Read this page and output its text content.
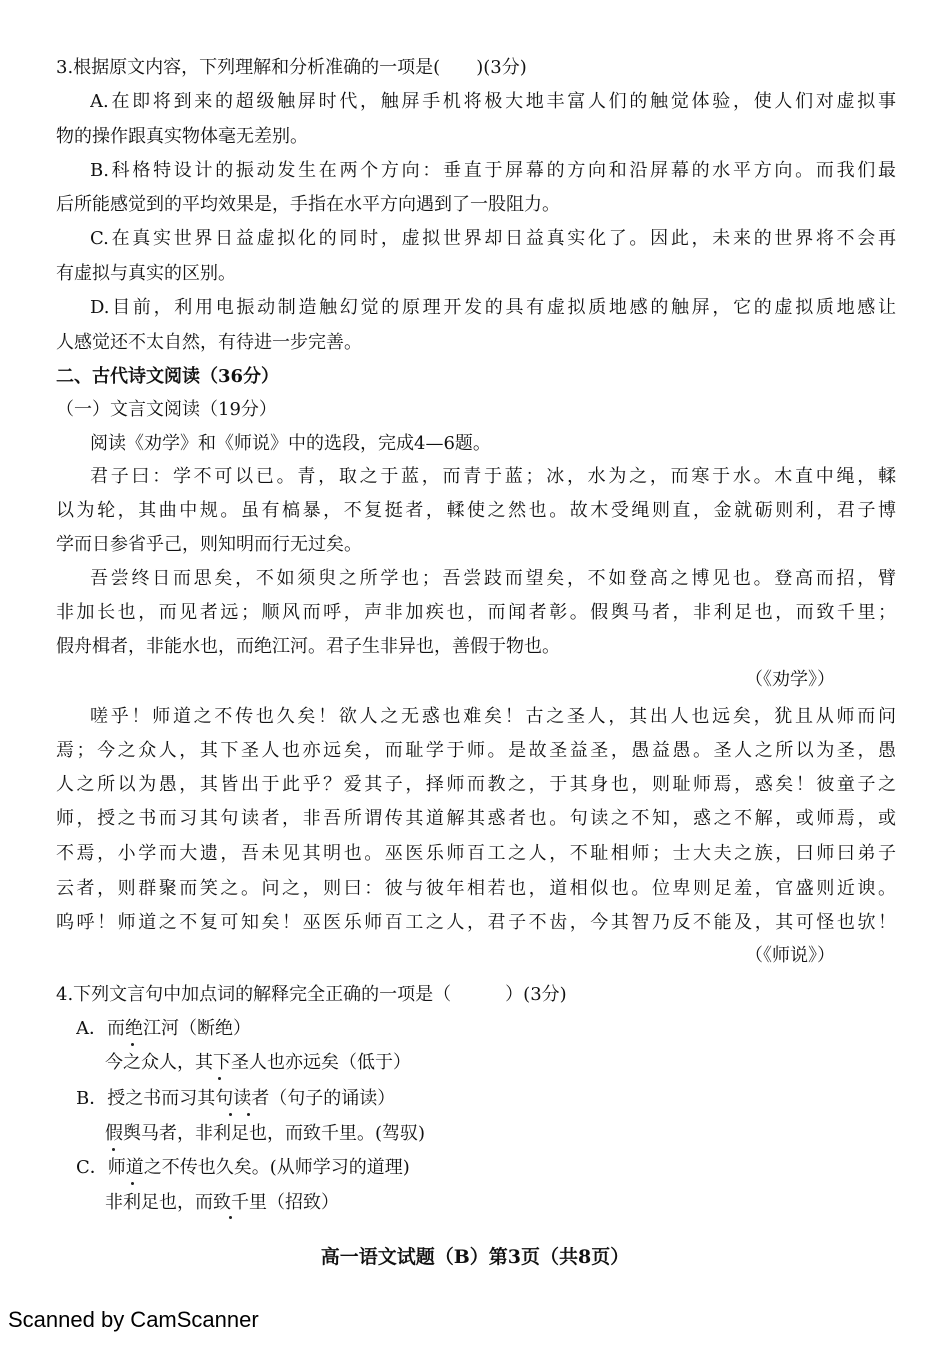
3.根据原文内容，下列理解和分析准确的一项是(　　)(3分)
A.在即将到来的超级触屏时代，触屏手机将极大地丰富人们的触觉体验，使人们对虚拟事
物的操作跟真实物体毫无差别。
B.科格特设计的振动发生在两个方向：垂直于屏幕的方向和沿屏幕的水平方向。而我们最
后所能感觉到的平均效果是，手指在水平方向遇到了一股阻力。
C.在真实世界日益虚拟化的同时，虚拟世界却日益真实化了。因此，未来的世界将不会再
有虚拟与真实的区别。
D.目前，利用电振动制造触幻觉的原理开发的具有虚拟质地感的触屏，它的虚拟质地感让
人感觉还不太自然，有待进一步完善。
二、古代诗文阅读（36分）
（一）文言文阅读（19分）
阅读《劝学》和《师说》中的选段，完成4—6题。
君子曰：学不可以已。青，取之于蓝，而青于蓝；冰，水为之，而寒于水。木直中绳，輮
以为轮，其曲中规。虽有槁暴，不复挺者，輮使之然也。故木受绳则直，金就砺则利，君子博
学而日参省乎己，则知明而行无过矣。
吾尝终日而思矣，不如须臾之所学也；吾尝跂而望矣，不如登高之博见也。登高而招，臂
非加长也，而见者远；顺风而呼，声非加疾也，而闻者彰。假舆马者，非利足也，而致千里；
假舟楫者，非能水也，而绝江河。君子生非异也，善假于物也。
（《劝学》）
嗟乎！师道之不传也久矣！欲人之无惑也难矣！古之圣人，其出人也远矣，犹且从师而问
焉；今之众人，其下圣人也亦远矣，而耻学于师。是故圣益圣，愚益愚。圣人之所以为圣，愚
人之所以为愚，其皆出于此乎？爱其子，择师而教之，于其身也，则耻师焉，惑矣！彼童子之
师，授之书而习其句读者，非吾所谓传其道解其惑者也。句读之不知，惑之不解，或师焉，或
不焉，小学而大遗，吾未见其明也。巫医乐师百工之人，不耻相师；士大夫之族，曰师曰弟子
云者，则群聚而笑之。问之，则曰：彼与彼年相若也，道相似也。位卑则足羞，官盛则近谀。
呜呼！师道之不复可知矣！巫医乐师百工之人，君子不齿，今其智乃反不能及，其可怪也欤！
（《师说》）
4.下列文言句中加点词的解释完全正确的一项是（　　　）(3分)
A．而绝江河（断绝）
今之众人，其下圣人也亦远矣（低于）
B．授之书而习其句读者（句子的诵读）
假舆马者，非利足也，而致千里。(驾驭)
C．师道之不传也久矣。(从师学习的道理)
非利足也，而致千里（招致）
高一语文试题（B）第3页（共8页）
Scanned by CamScanner
